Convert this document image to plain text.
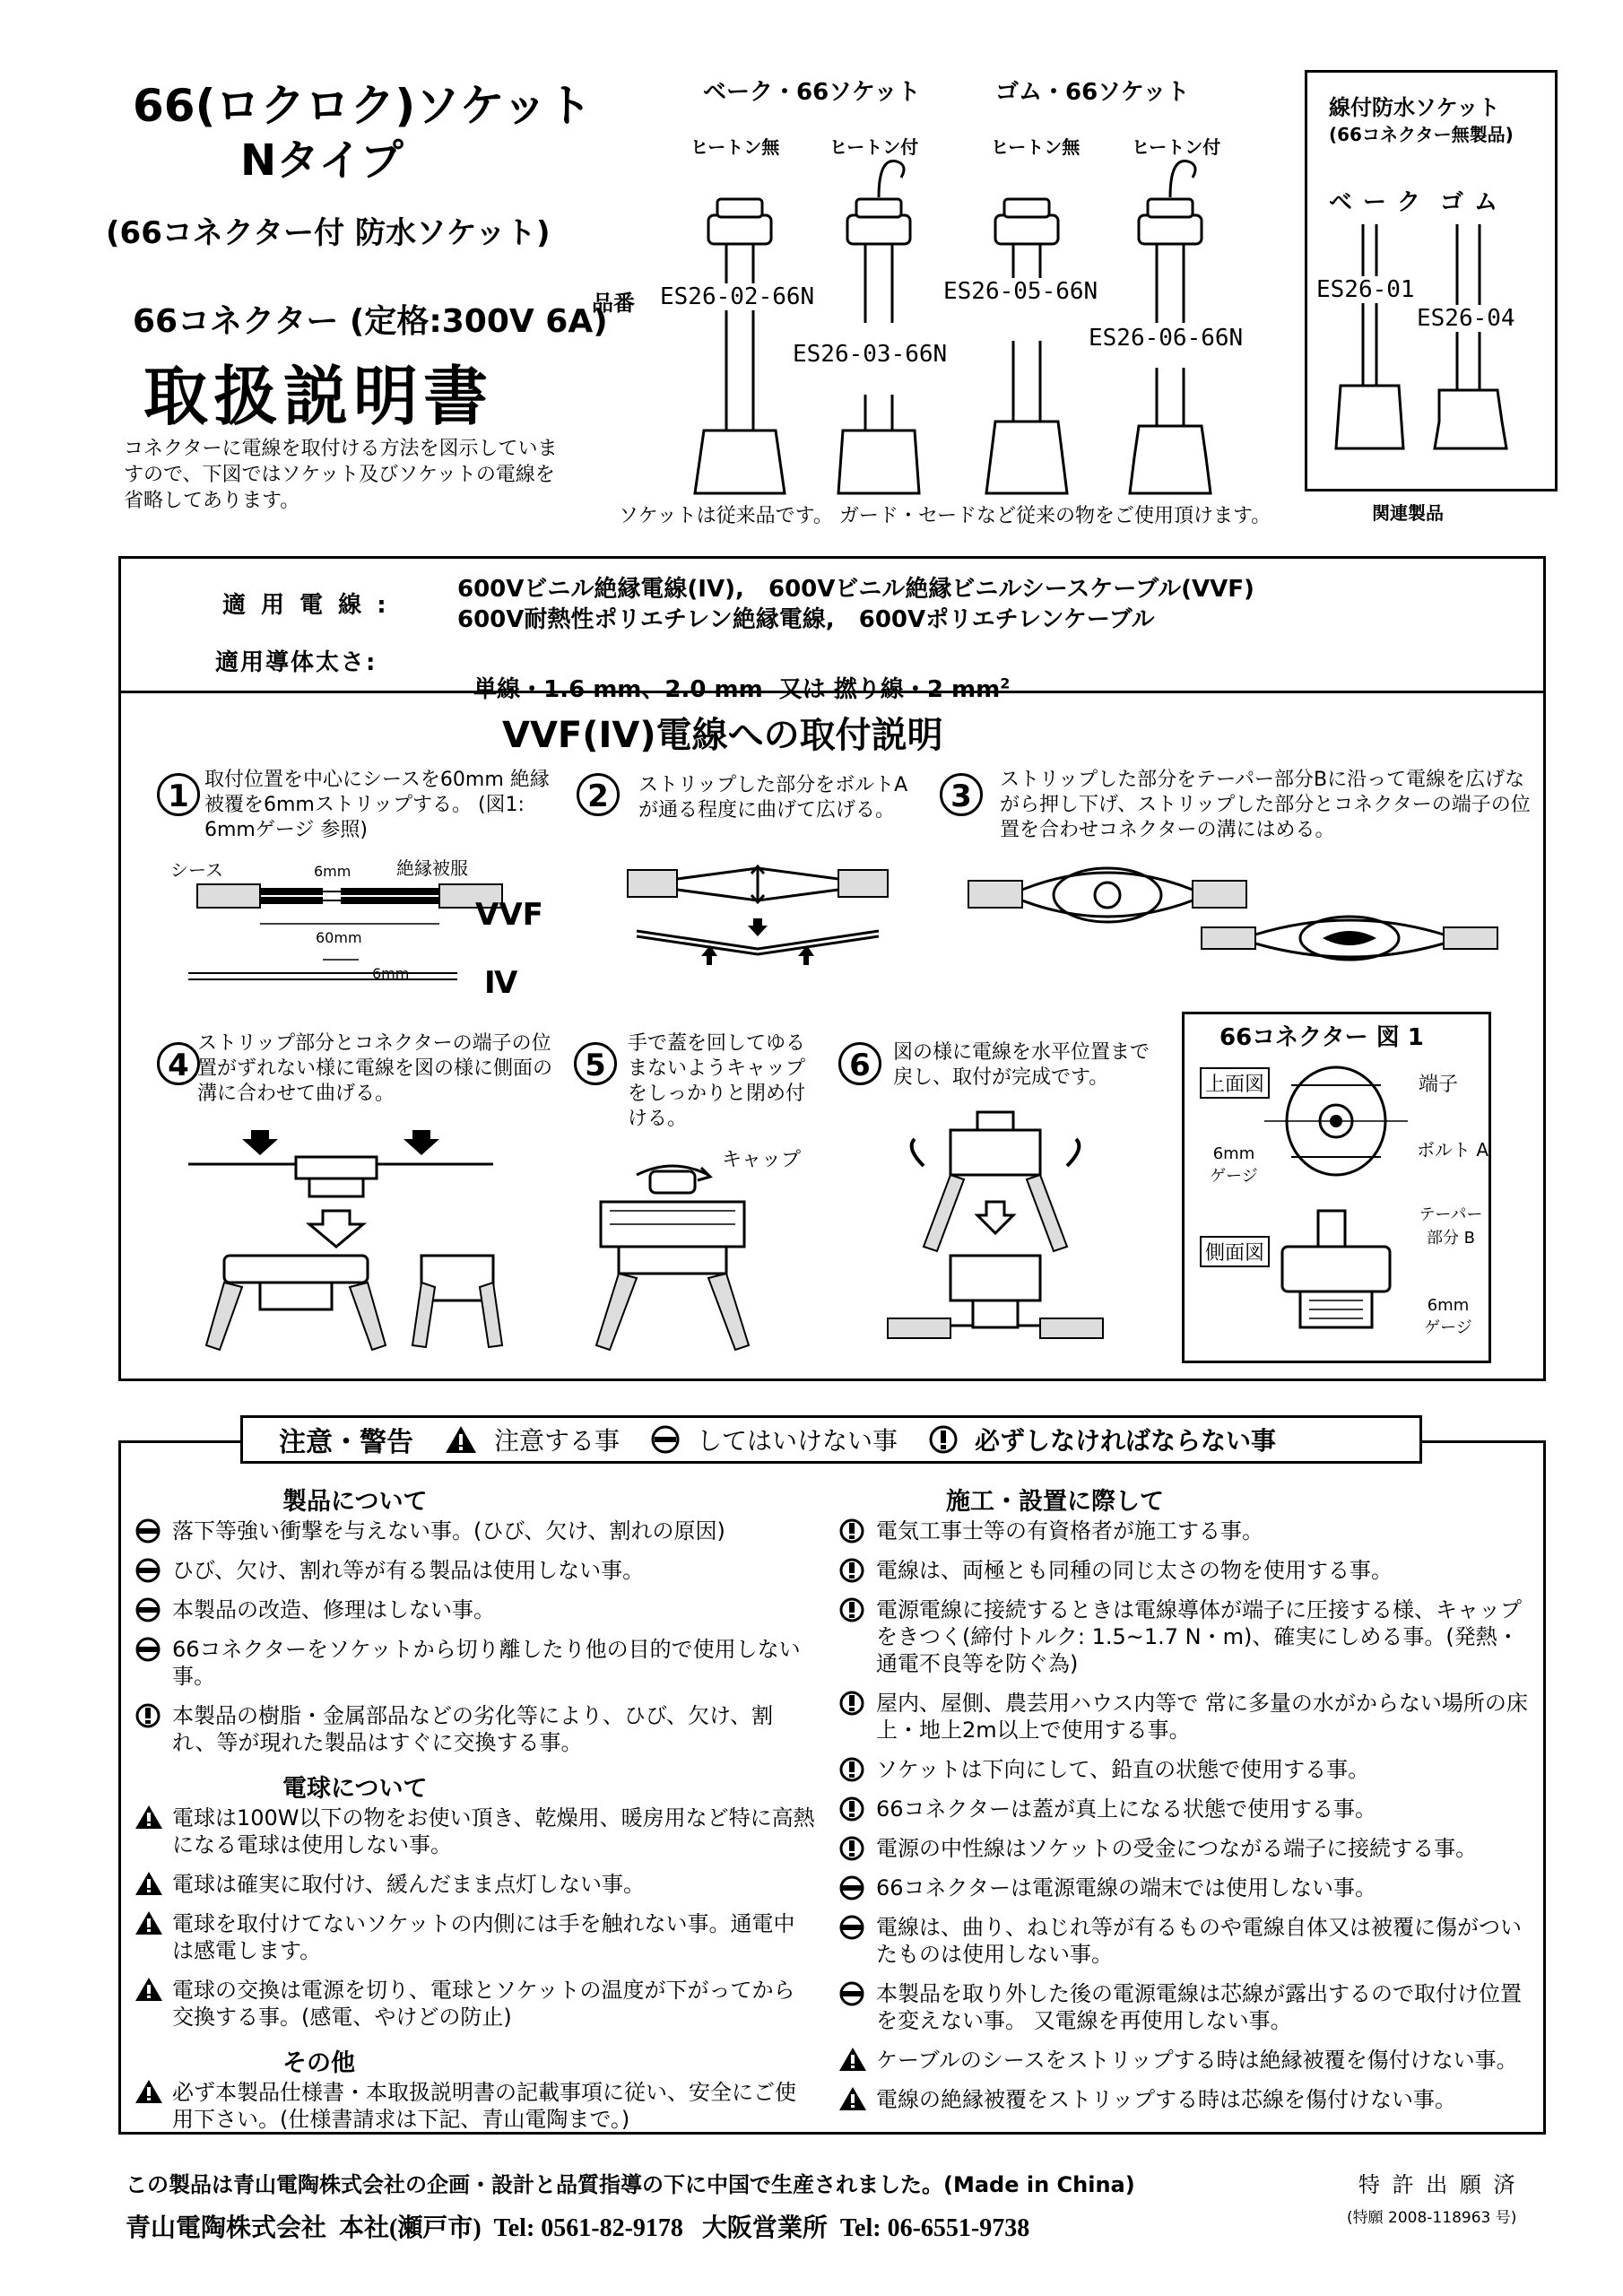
66(ロクロク)ソケット
Nタイプ
(66コネクター付 防水ソケット)
66コネクター (定格:300V 6A)
取扱説明書
コネクターに電線を取付ける方法を図示していますので、下図ではソケット及びソケットの電線を省略してあります。
ベーク・66ソケット	ゴム・66ソケット
ヒートン無	ヒートン付	ヒートン無	ヒートン付
品番 ES26-02-66N
ES26-03-66N
ES26-05-66N
ES26-06-66N
ソケットは従来品です。 ガード・セードなど従来の物をご使用頂けます。
線付防水ソケット
(66コネクター無製品)
ベーク ゴム
ES26-01
ES26-04
関連製品
適 用 電 線 :
600Vビニル絶縁電線(IV),   600Vビニル絶縁ビニルシースケーブル(VVF)
600V耐熱性ポリエチレン絶縁電線,   600Vポリエチレンケーブル
適用導体太さ:

単線・1.6 mm、2.0 mm  又は 撚り線・2 $mm^2$

VVF(IV)電線への取付説明
1 取付位置を中心にシースを60mm 絶縁被覆を6mmストリップする。 (図1: 6mmゲージ 参照)
シース	6mm	絶縁被服
60mm
6mm
VVF
Ⅳ
2	ストリップした部分をボルトA が通る程度に曲げて広げる。	3	ストリップした部分をテーパー部分Bに沿って電線を広げながら押し下げ、ストリップした部分とコネクターの端子の位置を合わせコネクターの溝にはめる。
4
ストリップ部分とコネクターの端子の位置がずれない様に電線を図の様に側面の溝に合わせて曲げる。
5
手で蓋を回してゆるまないようキャップをしっかりと閉め付ける。
キャップ
6	図の様に電線を水平位置まで戻し、取付が完成です。
66コネクター 図 1
上面図
側面図
端子
6mm ゲージ
ボルト A
テーパー 部分 B
6mm ゲージ
注意・警告	注意する事	してはいけない事	必ずしなければならない事
製品について
落下等強い衝撃を与えない事。(ひび、欠け、割れの原因)
ひび、欠け、割れ等が有る製品は使用しない事。
本製品の改造、修理はしない事。
66コネクターをソケットから切り離したり他の目的で使用しない事。
本製品の樹脂・金属部品などの劣化等により、ひび、欠け、割れ、等が現れた製品はすぐに交換する事。
電球について
電球は100W以下の物をお使い頂き、乾燥用、暖房用など特に高熱になる電球は使用しない事。
電球は確実に取付け、緩んだまま点灯しない事。
電球を取付けてないソケットの内側には手を触れない事。通電中は感電します。
電球の交換は電源を切り、電球とソケットの温度が下がってから交換する事。(感電、やけどの防止)
その他
必ず本製品仕様書・本取扱説明書の記載事項に従い、安全にご使用下さい。(仕様書請求は下記、青山電陶まで。)
施工・設置に際して
電気工事士等の有資格者が施工する事。
電線は、両極とも同種の同じ太さの物を使用する事。
電源電線に接続するときは電線導体が端子に圧接する様、キャップをきつく(締付トルク: 1.5~1.7 N・m)、確実にしめる事。(発熱・通電不良等を防ぐ為)
屋内、屋側、農芸用ハウス内等で 常に多量の水がからない場所の床上・地上2m以上で使用する事。
ソケットは下向にして、鉛直の状態で使用する事。
66コネクターは蓋が真上になる状態で使用する事。
電源の中性線はソケットの受金につながる端子に接続する事。
66コネクターは電源電線の端末では使用しない事。
電線は、曲り、ねじれ等が有るものや電線自体又は被覆に傷がついたものは使用しない事。
本製品を取り外した後の電源電線は芯線が露出するので取付け位置を変えない事。 又電線を再使用しない事。
ケーブルのシースをストリップする時は絶縁被覆を傷付けない事。
電線の絶縁被覆をストリップする時は芯線を傷付けない事。
この製品は青山電陶株式会社の企画・設計と品質指導の下に中国で生産されました。(Made in China)	特 許 出 願 済
(特願 2008-118963 号)
青山電陶株式会社  本社(瀬戸市)  Tel: 0561-82-9178   大阪営業所  Tel: 06-6551-9738
